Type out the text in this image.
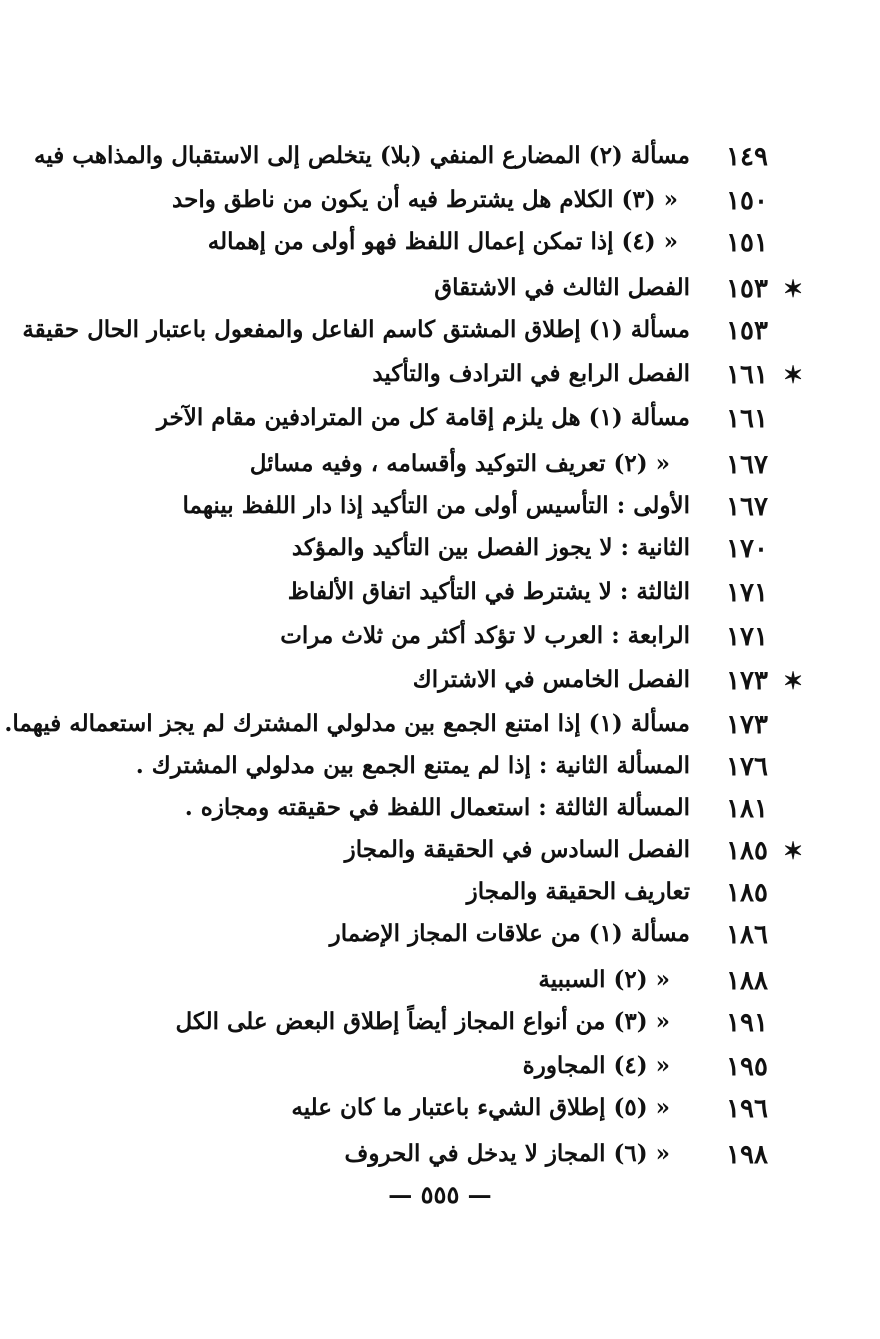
١٤٩
مسألة (٢) المضارع المنفي (بلا) يتخلص إلى الاستقبال والمذاهب فيه
١٥٠
« (٣) الكلام هل يشترط فيه أن يكون من ناطق واحد
١٥١
« (٤) إذا تمكن إعمال اللفظ فهو أولى من إهماله
✶
١٥٣
الفصل الثالث في الاشتقاق
١٥٣
مسألة (١) إطلاق المشتق كاسم الفاعل والمفعول باعتبار الحال حقيقة
✶
١٦١
الفصل الرابع في الترادف والتأكيد
١٦١
مسألة (١) هل يلزم إقامة كل من المترادفين مقام الآخر
١٦٧
« (٢) تعريف التوكيد وأقسامه ، وفيه مسائل
١٦٧
الأولى : التأسيس أولى من التأكيد إذا دار اللفظ بينهما
١٧٠
الثانية : لا يجوز الفصل بين التأكيد والمؤكد
١٧١
الثالثة : لا يشترط في التأكيد اتفاق الألفاظ
١٧١
الرابعة : العرب لا تؤكد أكثر من ثلاث مرات
✶
١٧٣
الفصل الخامس في الاشتراك
١٧٣
مسألة (١) إذا امتنع الجمع بين مدلولي المشترك لم يجز استعماله فيهما.
١٧٦
المسألة الثانية : إذا لم يمتنع الجمع بين مدلولي المشترك .
١٨١
المسألة الثالثة : استعمال اللفظ في حقيقته ومجازه .
✶
١٨٥
الفصل السادس في الحقيقة والمجاز
١٨٥
تعاريف الحقيقة والمجاز
١٨٦
مسألة (١) من علاقات المجاز الإضمار
١٨٨
« (٢) السببية
١٩١
« (٣) من أنواع المجاز أيضاً إطلاق البعض على الكل
١٩٥
« (٤) المجاورة
١٩٦
« (٥) إطلاق الشيء باعتبار ما كان عليه
١٩٨
« (٦) المجاز لا يدخل في الحروف
— ٥٥٥ —
